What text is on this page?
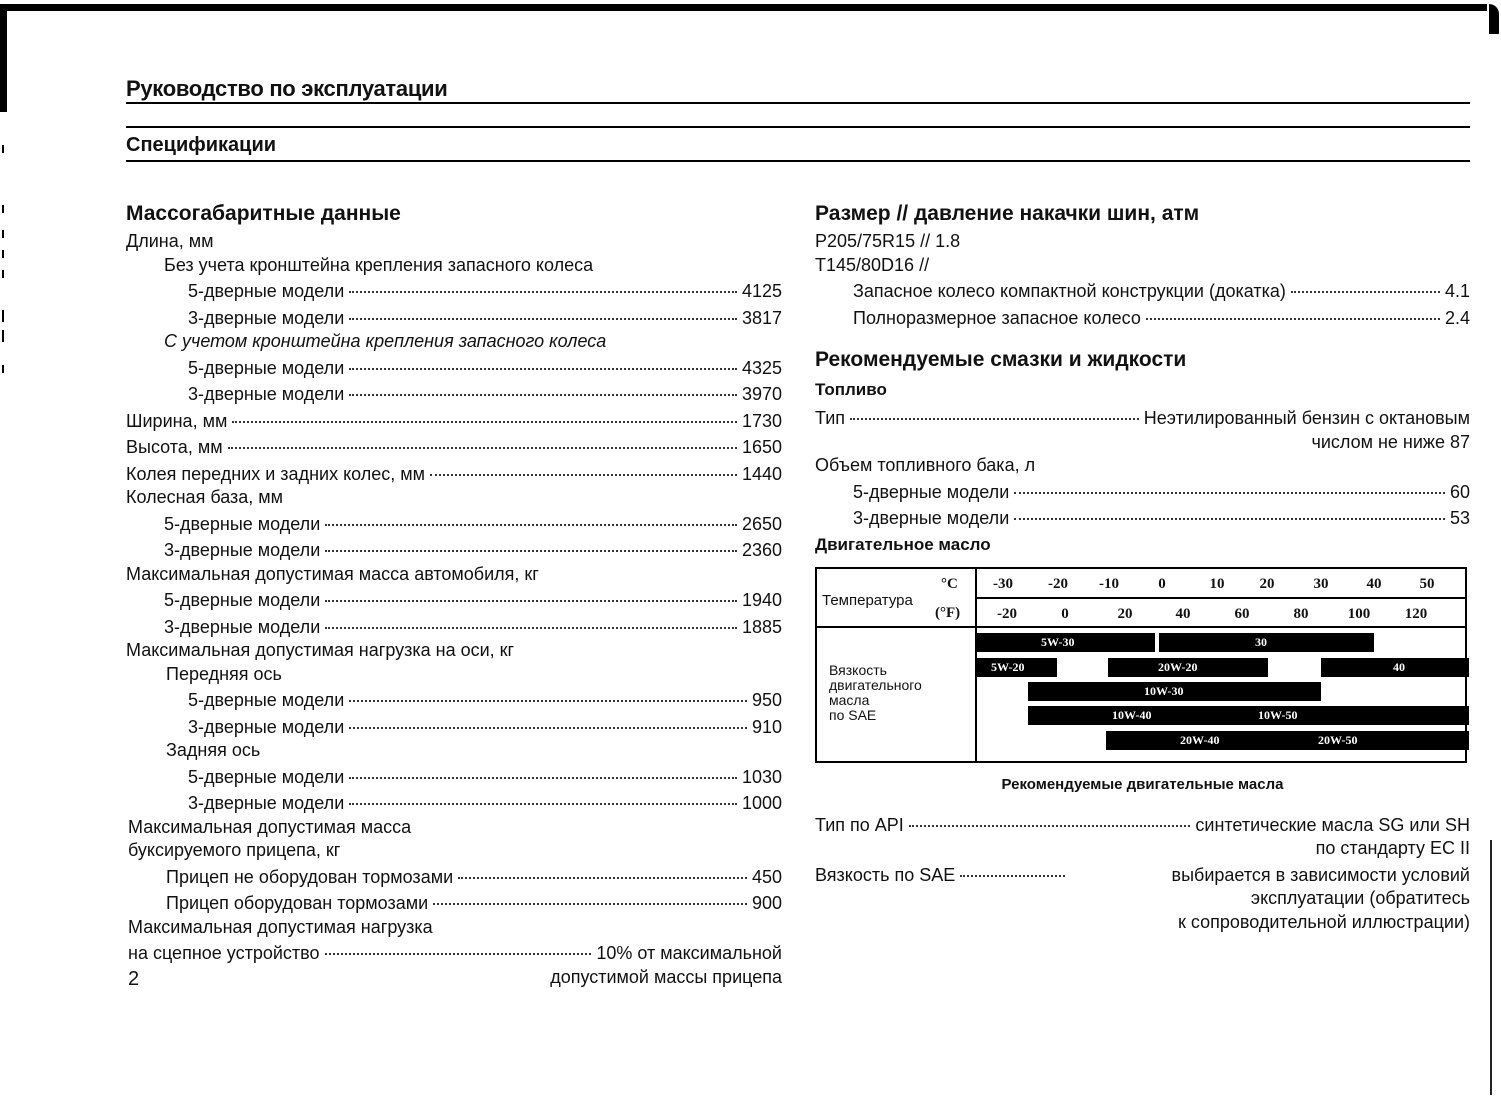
Руководство по эксплуатации
Спецификации
Массогабаритные данные
Длина, мм
Без учета кронштейна крепления запасного колеса
5-дверные модели	4125
3-дверные модели	3817
С учетом кронштейна крепления запасного колеса
5-дверные модели	4325
3-дверные модели	3970
Ширина, мм	1730
Высота, мм	1650
Колея передних и задних колес, мм	1440
Колесная база, мм
5-дверные модели	2650
3-дверные модели	2360
Максимальная допустимая масса автомобиля, кг
5-дверные модели	1940
3-дверные модели	1885
Максимальная допустимая нагрузка на оси, кг
Передняя ось
5-дверные модели	950
3-дверные модели	910
Задняя ось
5-дверные модели	1030
3-дверные модели	1000
Максимальная допустимая масса
буксируемого прицепа, кг
Прицеп не оборудован тормозами	450
Прицеп оборудован тормозами	900
Максимальная допустимая нагрузка
на сцепное устройство	10% от максимальной
допустимой массы прицепа
Размер // давление накачки шин, атм
P205/75R15 // 1.8
T145/80D16 //
Запасное колесо компактной конструкции (докатка)	4.1
Полноразмерное запасное колесо	2.4
Рекомендуемые смазки и жидкости
Топливо
Тип	Неэтилированный бензин с октановым
числом не ниже 87
Объем топливного бака, л
5-дверные модели	60
3-дверные модели	53
Двигательное масло
Температура
°C
(°F)
-30 -20 -10	0	10 20	30	40	50
-20	0	20	40	60	80	100 120
Вязкость
двигательного
масла
по SAE
5W-30	30
5W-20	20W-20	40
10W-30
10W-40	10W-50
20W-40	20W-50
Рекомендуемые двигательные масла
Тип по API	синтетические масла SG или SH
по стандарту EC II
Вязкость по SAE	выбирается в зависимости условий
эксплуатации (обратитесь
к сопроводительной иллюстрации)
2
